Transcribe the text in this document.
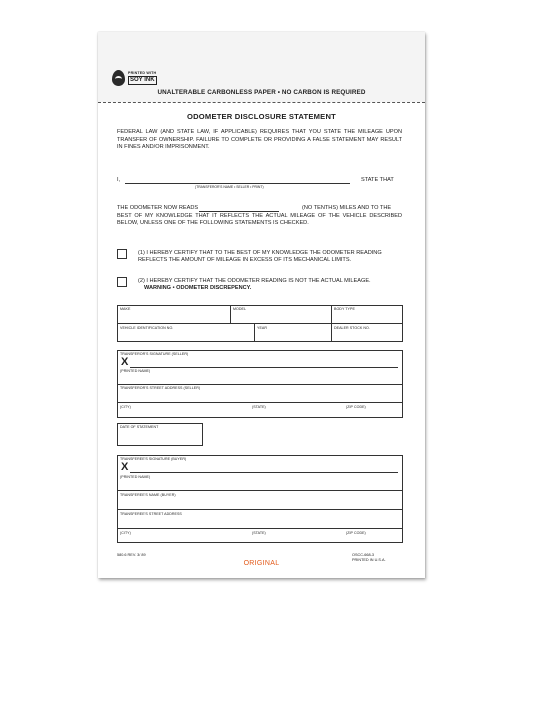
PRINTED WITH
SOY INK
UNALTERABLE CARBONLESS PAPER • NO CARBON IS REQUIRED
ODOMETER DISCLOSURE STATEMENT
FEDERAL LAW (AND STATE LAW, IF APPLICABLE) REQUIRES THAT YOU STATE THE MILEAGE UPON TRANSFER OF OWNERSHIP. FAILURE TO COMPLETE OR PROVIDING A FALSE STATEMENT MAY RESULT IN FINES AND/OR IMPRISONMENT.
I,
(TRANSFEROR'S NAME • SELLER • PRINT)
STATE THAT
THE ODOMETER NOW READS	(NO TENTHS) MILES AND TO THE
BEST OF MY KNOWLEDGE THAT IT REFLECTS THE ACTUAL MILEAGE OF THE VEHICLE DESCRIBED BELOW, UNLESS ONE OF THE FOLLOWING STATEMENTS IS CHECKED.
(1) I HEREBY CERTIFY THAT TO THE BEST OF MY KNOWLEDGE THE ODOMETER READING REFLECTS THE AMOUNT OF MILEAGE IN EXCESS OF ITS MECHANICAL LIMITS.
(2) I HEREBY CERTIFY THAT THE ODOMETER READING IS NOT THE ACTUAL MILEAGE.
WARNING • ODOMETER DISCREPENCY.
MAKE	MODEL	BODY TYPE
VEHICLE IDENTIFICATION NO.	YEAR	DEALER STOCK NO.
TRANSFEROR'S SIGNATURE (SELLER)
X
(PRINTED NAME)
TRANSFEROR'S STREET ADDRESS (SELLER)
(CITY)	(STATE)	(ZIP CODE)
DATE OF STATEMENT
TRANSFEREE'S SIGNATURE (BUYER)
X
(PRINTED NAME)
TRANSFEREE'S NAME (BUYER)
TRANSFEREE'S STREET ADDRESS
(CITY)	(STATE)	(ZIP CODE)
580.6 REV. 3/ 89	OSCC-668-3
PRINTED IN U.S.A.
ORIGINAL
